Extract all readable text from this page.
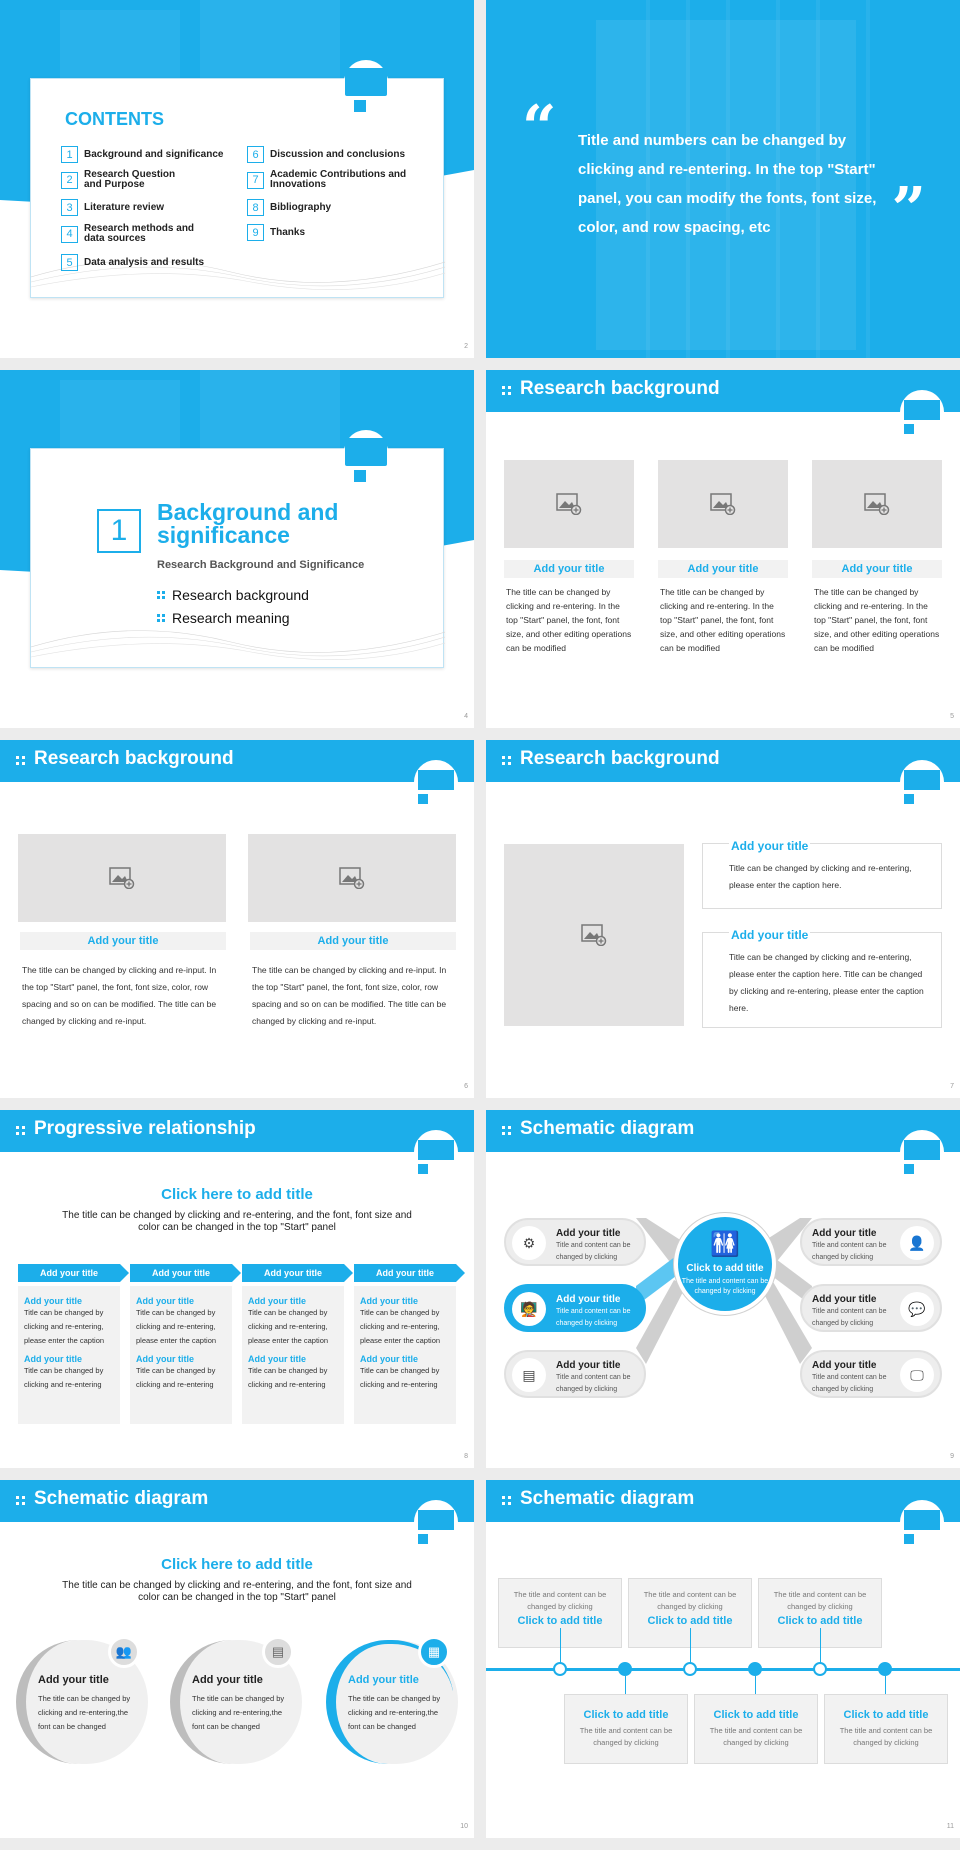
CONTENTS
1	Background and significance
2	Research Question and Purpose
3	Literature review
4	Research methods and data sources
5	Data analysis and results
6	Discussion and conclusions
7	Academic Contributions and Innovations
8	Bibliography
9	Thanks
2
“ Title and numbers can be changed by clicking and re-entering. In the top "Start" panel, you can modify the fonts, font size, color, and row spacing, etc	”
1
Background and significance
Research Background and Significance
Research background
Research meaning
4
Research background
Add your title	Add your title	Add your title
The title can be changed by clicking and re-entering. In the top "Start" panel, the font, font size, and other editing operations can be modified
The title can be changed by clicking and re-entering. In the top "Start" panel, the font, font size, and other editing operations can be modified
The title can be changed by clicking and re-entering. In the top "Start" panel, the font, font size, and other editing operations can be modified
5
Research background
Add your title	Add your title
The title can be changed by clicking and re-input. In the top "Start" panel, the font, font size, color, row spacing and so on can be modified. The title can be changed by clicking and re-input.
The title can be changed by clicking and re-input. In the top "Start" panel, the font, font size, color, row spacing and so on can be modified. The title can be changed by clicking and re-input.
6
Research background
Add your title
Title can be changed by clicking and re-entering, please enter the caption here.
Add your title
Title can be changed by clicking and re-entering, please enter the caption here. Title can be changed by clicking and re-entering, please enter the caption here.
7
Progressive relationship
Click here to add title
The title can be changed by clicking and re-entering, and the font, font size and color can be changed in the top "Start" panel
Add your title	Add your title	Add your title	Add your title
Add your title
Title can be changed by clicking and re-entering, please enter the caption
Add your title
Title can be changed by clicking and re-entering
Add your title
Title can be changed by clicking and re-entering, please enter the caption
Add your title
Title can be changed by clicking and re-entering
Add your title
Title can be changed by clicking and re-entering, please enter the caption
Add your title
Title can be changed by clicking and re-entering
Add your title
Title can be changed by clicking and re-entering, please enter the caption
Add your title
Title can be changed by clicking and re-entering
8
Schematic diagram
⚙
Add your title
Title and content can be changed by clicking
🧑‍🏫
Add your title
Title and content can be changed by clicking
▤
Add your title
Title and content can be changed by clicking
👤
Add your title
Title and content can be changed by clicking
💬
Add your title
Title and content can be changed by clicking
🖵
Add your title
Title and content can be changed by clicking
🚻
Click to add title
The title and content can be changed by clicking
9
Schematic diagram
Click here to add title
The title can be changed by clicking and re-entering, and the font, font size and color can be changed in the top "Start" panel
👥
Add your title
The title can be changed by clicking and re-entering,the font can be changed
▤
Add your title
The title can be changed by clicking and re-entering,the font can be changed
▦
Add your title
The title can be changed by clicking and re-entering,the font can be changed
10
Schematic diagram
The title and content can be changed by clicking
Click to add title
The title and content can be changed by clicking
Click to add title
The title and content can be changed by clicking
Click to add title
Click to add title
The title and content can be changed by clicking
Click to add title
The title and content can be changed by clicking
Click to add title
The title and content can be changed by clicking
11
